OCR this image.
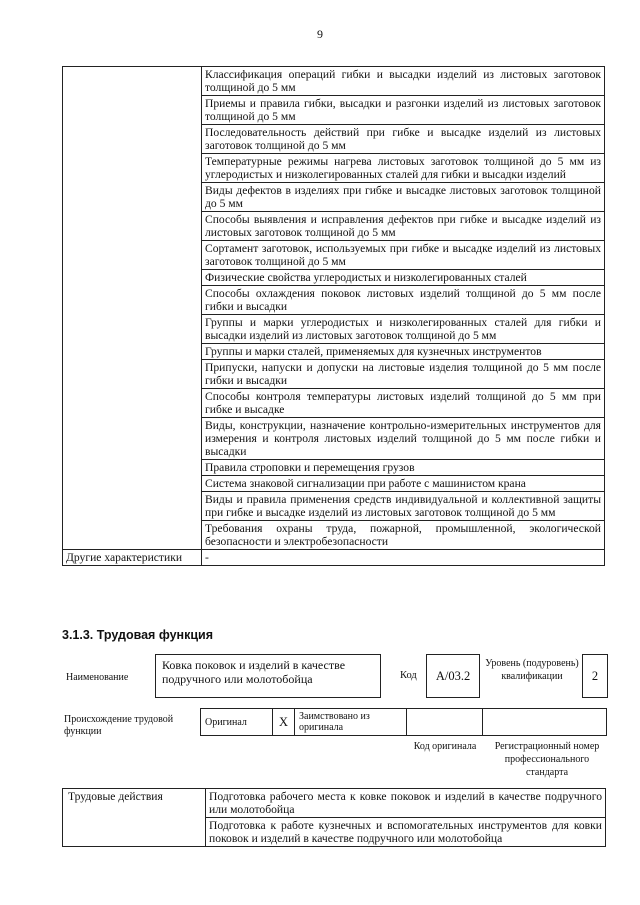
9
	Классификация операций гибки и высадки изделий из листовых заготовок толщиной до 5 мм
	Приемы и правила гибки, высадки и разгонки изделий из листовых заготовок толщиной до 5 мм
	Последовательность действий при гибке и высадке изделий из листовых заготовок толщиной до 5 мм
	Температурные режимы нагрева листовых заготовок толщиной до 5 мм из углеродистых и низколегированных сталей для гибки и высадки изделий
	Виды дефектов в изделиях при гибке и высадке листовых заготовок толщиной до 5 мм
	Способы выявления и исправления дефектов при гибке и высадке изделий из листовых заготовок толщиной до 5 мм
	Сортамент заготовок, используемых при гибке и высадке изделий из листовых заготовок толщиной до 5 мм
	Физические свойства углеродистых и низколегированных сталей
	Способы охлаждения поковок листовых изделий толщиной до 5 мм после гибки и высадки
	Группы и марки углеродистых и низколегированных сталей для гибки и высадки изделий из листовых заготовок толщиной до 5 мм
	Группы и марки сталей, применяемых для кузнечных инструментов
	Припуски, напуски и допуски на листовые изделия толщиной до 5 мм после гибки и высадки
	Способы контроля температуры листовых изделий толщиной до 5 мм при гибке и высадке
	Виды, конструкции, назначение контрольно-измерительных инструментов для измерения и контроля листовых изделий толщиной до 5 мм после гибки и высадки
	Правила строповки и перемещения грузов
	Система знаковой сигнализации при работе с машинистом крана
	Виды и правила применения средств индивидуальной и коллективной защиты при гибке и высадке изделий из листовых заготовок толщиной до 5 мм
	Требования охраны труда, пожарной, промышленной, экологической безопасности и электробезопасности
Другие характеристики	-
3.1.3. Трудовая функция
Наименование
Ковка поковок и изделий в качестве подручного или молотобойца	Код	А/03.2
Уровень (подуровень) квалификации	2
Происхождение трудовой функции
Оригинал	X	Заимствовано из оригинала		
Код оригинала	Регистрационный номер профессионального стандарта
Трудовые действия	Подготовка рабочего места к ковке поковок и изделий в качестве подручного или молотобойца
Подготовка к работе кузнечных и вспомогательных инструментов для ковки поковок и изделий в качестве подручного или молотобойца
